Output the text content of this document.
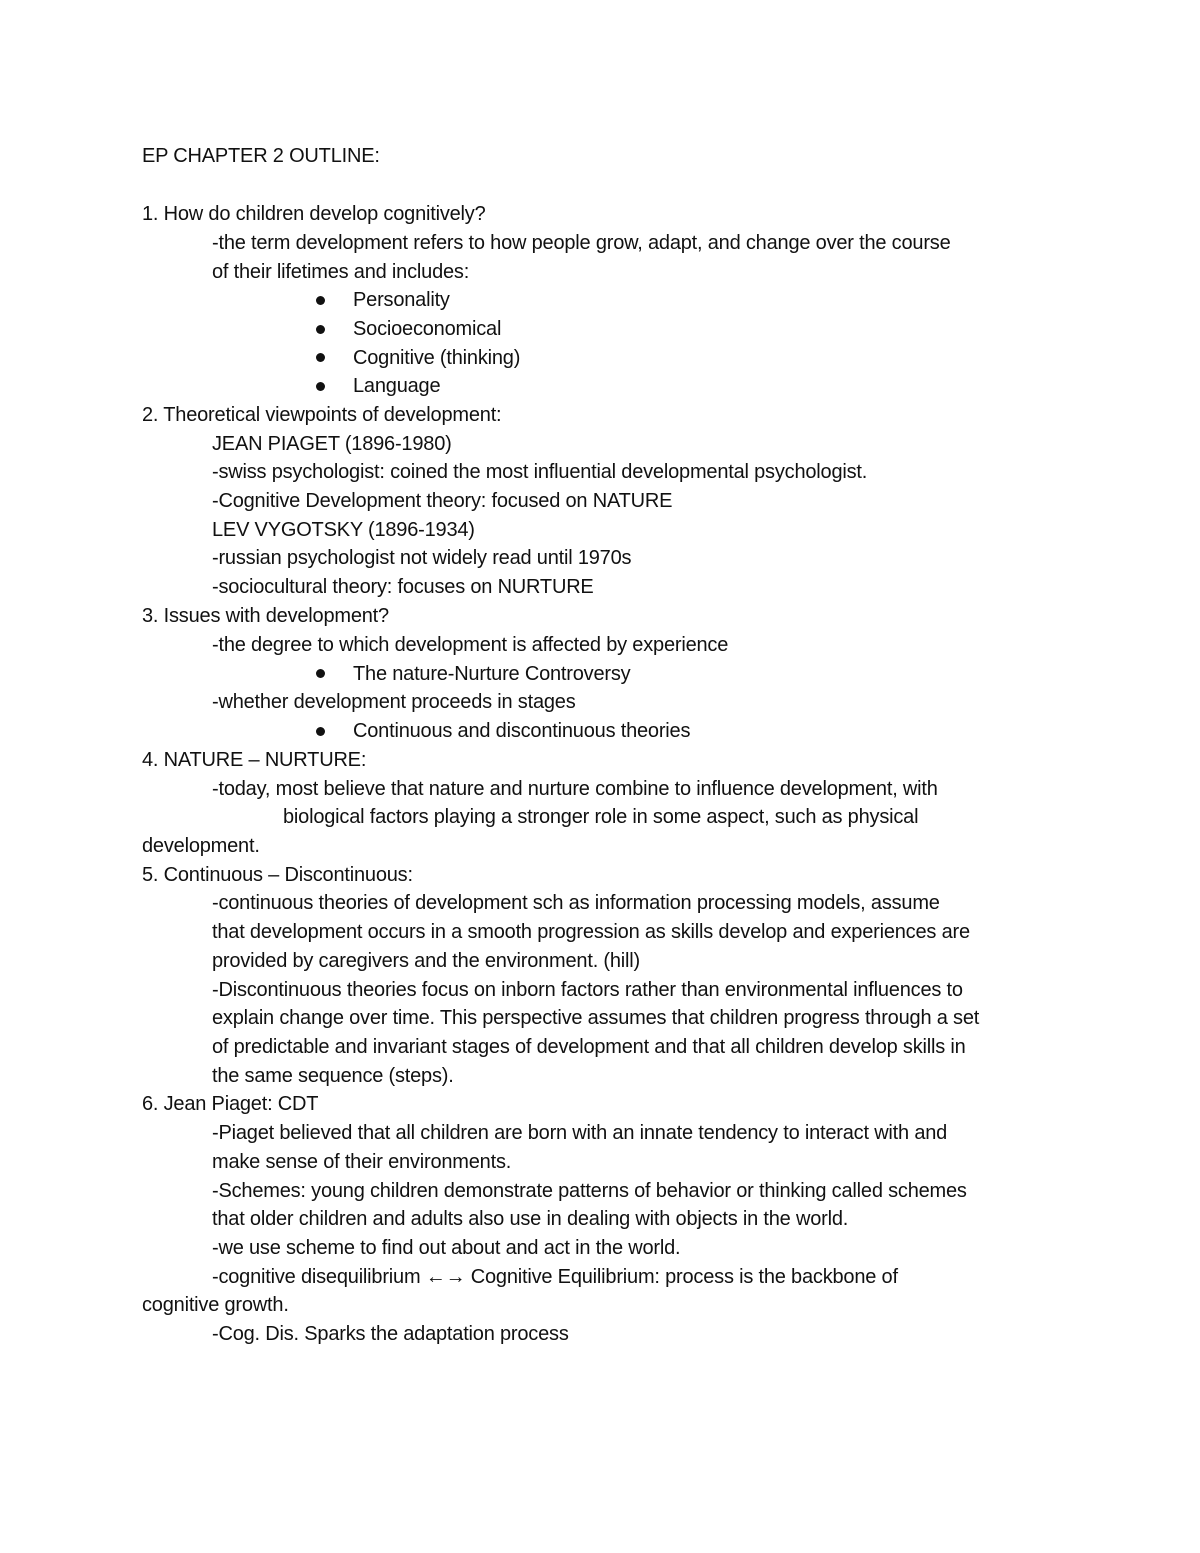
EP CHAPTER 2 OUTLINE:
1. How do children develop cognitively?
-the term development refers to how people grow, adapt, and change over the course
of their lifetimes and includes:
Personality
Socioeconomical
Cognitive (thinking)
Language
2. Theoretical viewpoints of development:
JEAN PIAGET (1896-1980)
-swiss psychologist: coined the most influential developmental psychologist.
-Cognitive Development theory: focused on NATURE
LEV VYGOTSKY (1896-1934)
-russian psychologist not widely read until 1970s
-sociocultural theory: focuses on NURTURE
3. Issues with development?
-the degree to which development is affected by experience
The nature-Nurture Controversy
-whether development proceeds in stages
Continuous and discontinuous theories
4. NATURE – NURTURE:
-today, most believe that nature and nurture combine to influence development, with
biological factors playing a stronger role in some aspect, such as physical
development.
5. Continuous – Discontinuous:
-continuous theories of development sch as information processing models, assume
that development occurs in a smooth progression as skills develop and experiences are
provided by caregivers and the environment. (hill)
-Discontinuous theories focus on inborn factors rather than environmental influences to
explain change over time. This perspective assumes that children progress through a set
of predictable and invariant stages of development and that all children develop skills in
the same sequence (steps).
6. Jean Piaget: CDT
-Piaget believed that all children are born with an innate tendency to interact with and
make sense of their environments.
-Schemes: young children demonstrate patterns of behavior or thinking called schemes
that older children and adults also use in dealing with objects in the world.
-we use scheme to find out about and act in the world.
-cognitive disequilibrium ←→ Cognitive Equilibrium: process is the backbone of
cognitive growth.
-Cog. Dis. Sparks the adaptation process
